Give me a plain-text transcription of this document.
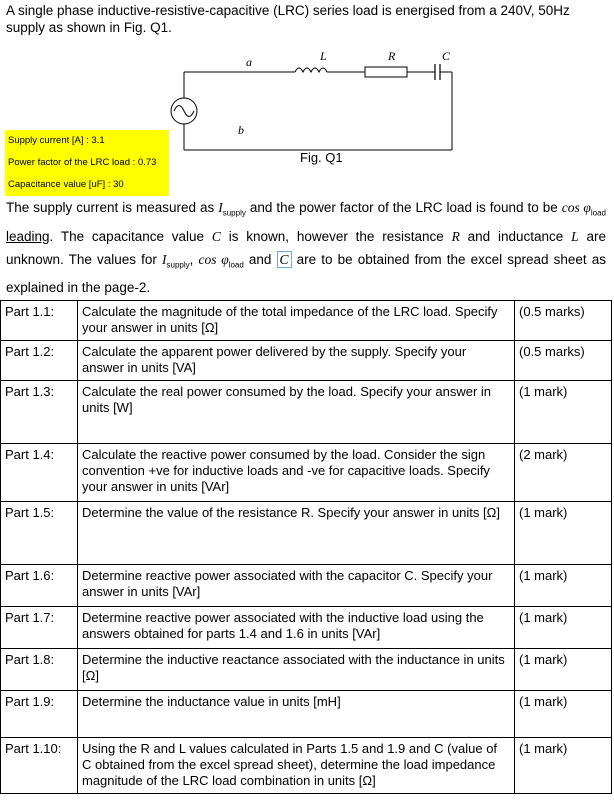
A single phase inductive-resistive-capacitive (LRC) series load is energised from a 240V, 50Hz
supply as shown in Fig. Q1.
a
b
L	R	C
Fig. Q1
Supply current [A] : 3.1
Power factor of the LRC load : 0.73
Capacitance value [uF] : 30
The supply current is measured as $I_{supply}$ and the power factor of the LRC load is found to be $\cos \varphi_{load}$ leading. The capacitance value C is known, however the resistance R and inductance L are unknown. The values for $I_{supply}$, $\cos \varphi_{load}$ and C are to be obtained from the excel spread sheet as explained in the page-2.
Part 1.1:	Calculate the magnitude of the total impedance of the LRC load. Specify your answer in units [Ω]	(0.5 marks)
Part 1.2:	Calculate the apparent power delivered by the supply. Specify your answer in units [VA]	(0.5 marks)
Part 1.3:	Calculate the real power consumed by the load. Specify your answer in units [W]	(1 mark)
Part 1.4:	Calculate the reactive power consumed by the load. Consider the sign convention +ve for inductive loads and -ve for capacitive loads. Specify your answer in units [VAr]	(2 mark)
Part 1.5:	Determine the value of the resistance R. Specify your answer in units [Ω]	(1 mark)
Part 1.6:	Determine reactive power associated with the capacitor C. Specify your answer in units [VAr]	(1 mark)
Part 1.7:	Determine reactive power associated with the inductive load using the answers obtained for parts 1.4 and 1.6 in units [VAr]	(1 mark)
Part 1.8:	Determine the inductive reactance associated with the inductance in units [Ω]	(1 mark)
Part 1.9:	Determine the inductance value in units [mH]	(1 mark)
Part 1.10:	Using the R and L values calculated in Parts 1.5 and 1.9 and C (value of C obtained from the excel spread sheet), determine the load impedance magnitude of the LRC load combination in units [Ω]	(1 mark)
